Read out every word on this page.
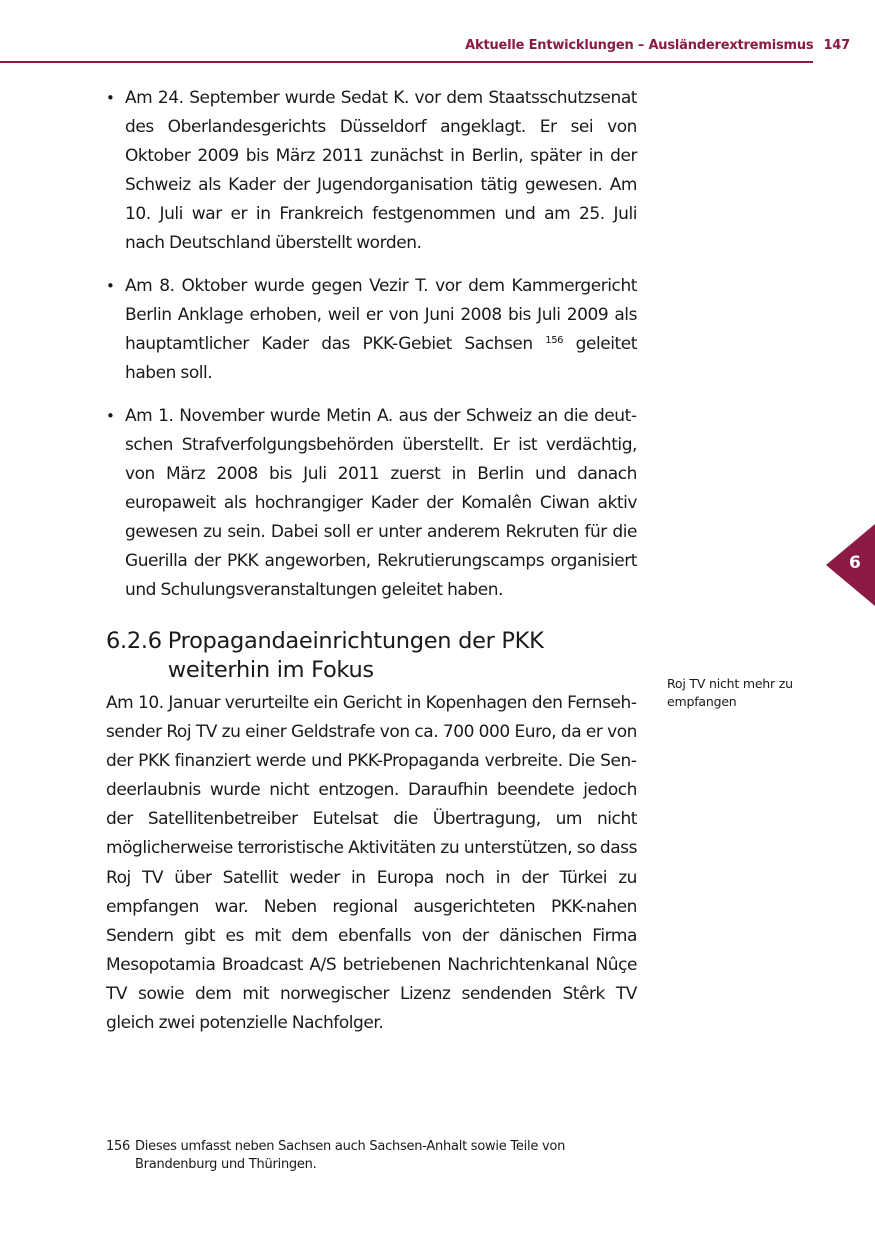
Aktuelle Entwicklungen – Ausländerextremismus 147
6
• Am 24. September wurde Sedat K. vor dem Staatsschutzsenat des Oberlandesgerichts Düsseldorf angeklagt. Er sei von Oktober 2009 bis März 2011 zunächst in Berlin, später in der Schweiz als Kader der Jugendorganisation tätig gewesen. Am 10. Juli war er in Frankreich festgenommen und am 25. Juli nach Deutschland überstellt worden.
• Am 8. Oktober wurde gegen Vezir T. vor dem Kammergericht Berlin Anklage erhoben, weil er von Juni 2008 bis Juli 2009 als hauptamtlicher Kader das PKK-Gebiet Sachsen $^{156}$ geleitet haben soll.
• Am 1. November wurde Metin A. aus der Schweiz an die deutschen Strafverfolgungsbehörden überstellt. Er ist verdächtig, von März 2008 bis Juli 2011 zuerst in Berlin und danach europaweit als hochrangiger Kader der Komalên Ciwan aktiv gewesen zu sein. Dabei soll er unter anderem Rekruten für die Guerilla der PKK angeworben, Rekrutierungscamps organisiert und Schulungsveranstaltungen geleitet haben.
6.2.6 Propagandaeinrichtungen der PKK weiterhin im Fokus

Am 10. Januar verurteilte ein Gericht in Kopenhagen den Fernsehsender Roj TV zu einer Geldstrafe von ca. 700 000 Euro, da er von der PKK finanziert werde und PKK-Propaganda verbreite. Die Sendeerlaubnis wurde nicht entzogen. Daraufhin beendete jedoch der Satellitenbetreiber Eutelsat die Übertragung, um nicht möglicherweise terroristische Aktivitäten zu unterstützen, so dass Roj TV über Satellit weder in Europa noch in der Türkei zu empfangen war. Neben regional ausgerichteten PKK-nahen Sendern gibt es mit dem ebenfalls von der dänischen Firma Mesopotamia Broadcast A/S betriebenen Nachrichtenkanal Nûçe TV sowie dem mit norwegischer Lizenz sendenden Stêrk TV gleich zwei potenzielle Nachfolger.

Roj TV nicht mehr zu empfangen
156 Dieses umfasst neben Sachsen auch Sachsen-Anhalt sowie Teile von Brandenburg und Thüringen.
